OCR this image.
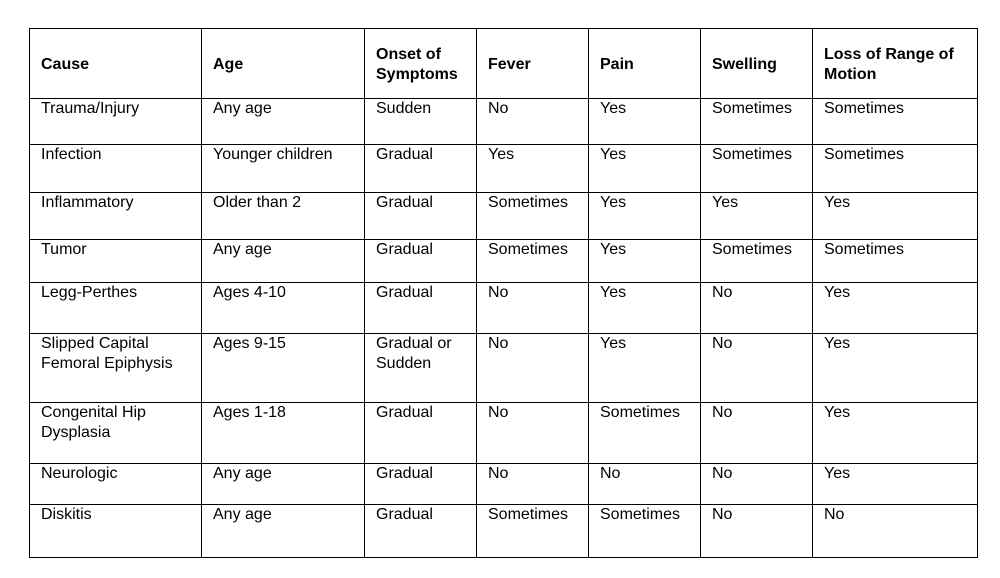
Cause	Age	Onset of Symptoms	Fever	Pain	Swelling	Loss of Range of Motion
Trauma/Injury	Any age	Sudden	No	Yes	Sometimes	Sometimes
Infection	Younger children	Gradual	Yes	Yes	Sometimes	Sometimes
Inflammatory	Older than 2	Gradual	Sometimes	Yes	Yes	Yes
Tumor	Any age	Gradual	Sometimes	Yes	Sometimes	Sometimes
Legg-Perthes	Ages 4-10	Gradual	No	Yes	No	Yes
Slipped Capital Femoral Epiphysis	Ages 9-15	Gradual or Sudden	No	Yes	No	Yes
Congenital Hip Dysplasia	Ages 1-18	Gradual	No	Sometimes	No	Yes
Neurologic	Any age	Gradual	No	No	No	Yes
Diskitis	Any age	Gradual	Sometimes	Sometimes	No	No
